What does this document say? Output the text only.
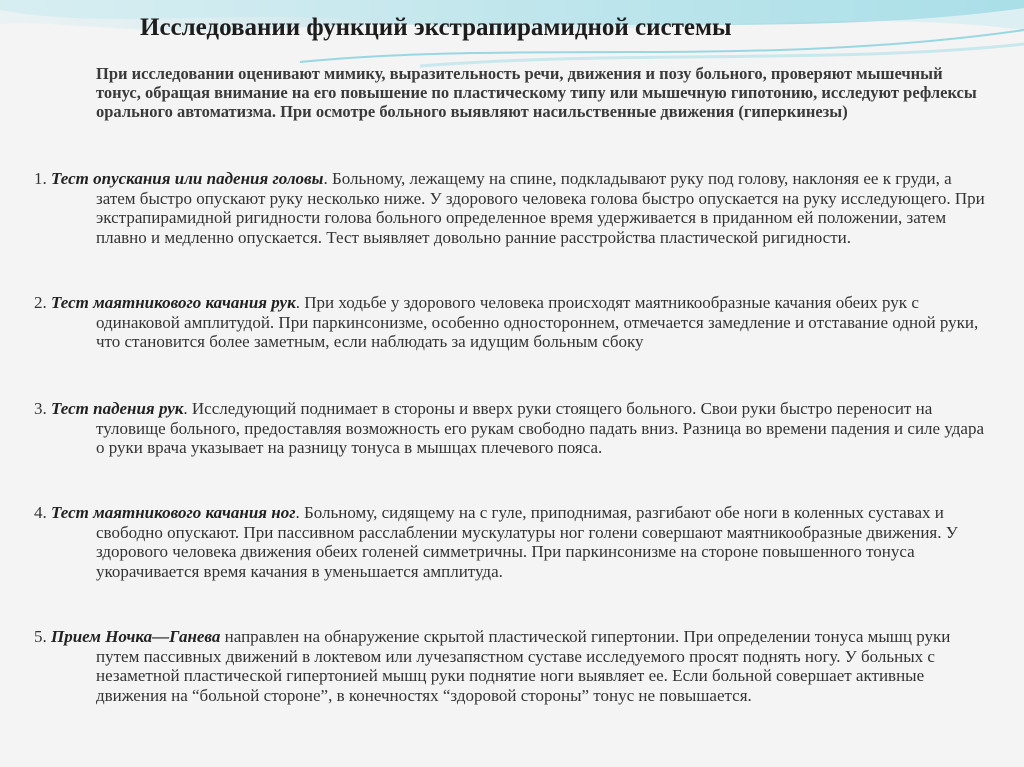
Исследовании функций экстрапирамидной системы

При исследовании оценивают мимику, выразительность речи, движения и позу больного, проверяют мышечный тонус, обращая внимание на его повышение по пластическому типу или мышечную гипотонию, исследуют рефлексы орального автоматизма. При осмотре больного выявляют насильственные движения (гиперкинезы)

1. Тест опускания или падения головы. Больному, лежащему на спине, подкладывают руку под голову, наклоняя ее к груди, а затем быстро опускают руку несколько ниже. У здорового человека голова быстро опускается на руку исследующего. При экстрапирамидной ригидности голова больного определенное время удерживается в приданном ей положении, затем плавно и медленно опускается. Тест выявляет довольно ранние расстройства пластической ригидности.

2. Тест маятникового качания рук. При ходьбе у здорового человека происходят маятникообразные качания обеих рук с одинаковой амплитудой. При паркинсонизме, особенно одностороннем, отмечается замедление и отставание одной руки, что становится более заметным, если наблюдать за идущим больным сбоку

3. Тест падения рук. Исследующий поднимает в стороны и вверх руки стоящего больного. Свои руки быстро переносит на туловище больного, предоставляя возможность его рукам свободно падать вниз. Разница во времени падения и силе удара о руки врача указывает на разницу тонуса в мышцах плечевого пояса.

4. Тест маятникового качания ног. Больному, сидящему на с гуле, приподнимая, разгибают обе ноги в коленных суставах и свободно опускают. При пассивном расслаблении мускулатуры ног голени совершают маятникообразные движения. У здорового человека движения обеих голеней симметричны. При паркинсонизме на стороне повышенного тонуса укорачивается время качания в уменьшается амплитуда.

5. Прием Ночка—Ганева направлен на обнаружение скрытой пластической гипертонии. При определении тонуса мышц руки путем пассивных движений в локтевом или лучезапястном суставе исследуемого просят поднять ногу. У больных с незаметной пластической гипертонией мышц руки поднятие ноги выявляет ее. Если больной совершает активные движения на “больной стороне”, в конечностях “здоровой стороны” тонус не повышается.
